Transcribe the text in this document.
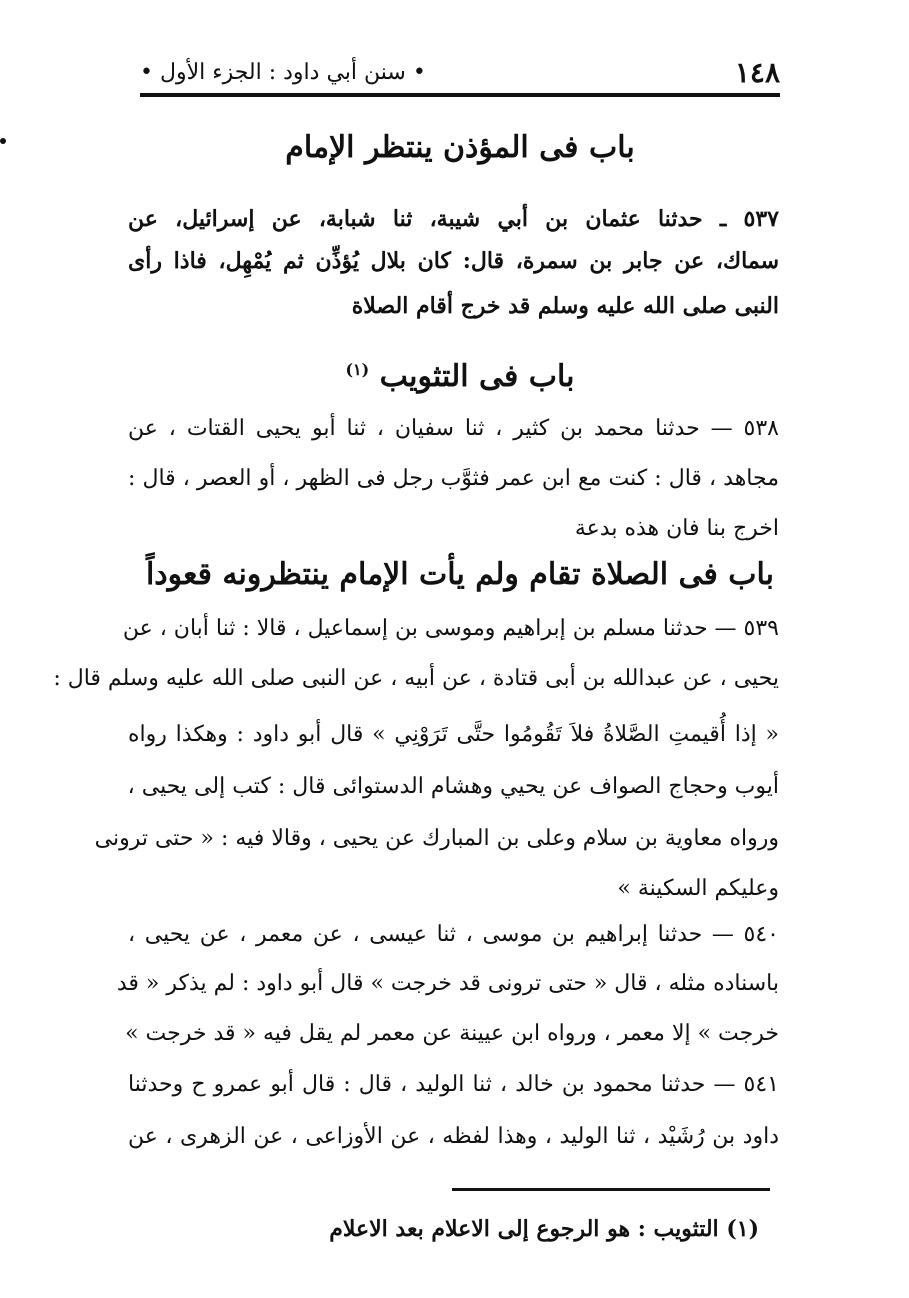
١٤٨
• سنن أبي داود : الجزء الأول •
باب فى المؤذن ينتظر الإمام
٥٣٧ ـ حدثنا عثمان بن أبي شيبة، ثنا شبابة، عن إسرائيل، عن
سماك، عن جابر بن سمرة، قال: كان بلال يُؤذِّن ثم يُمْهِل، فاذا رأى
النبى صلى الله عليه وسلم قد خرج أقام الصلاة
باب فى التثويب $^{(١)}$
٥٣٨ — حدثنا محمد بن كثير ، ثنا سفيان ، ثنا أبو يحيى القتات ، عن
مجاهد ، قال : كنت مع ابن عمر فثوَّب رجل فى الظهر ، أو العصر ، قال :
اخرج بنا فان هذه بدعة
باب فى الصلاة تقام ولم يأت الإمام ينتظرونه قعوداً
٥٣٩ — حدثنا مسلم بن إبراهيم وموسى بن إسماعيل ، قالا : ثنا أبان ، عن
يحيى ، عن عبدالله بن أبى قتادة ، عن أبيه ، عن النبى صلى الله عليه وسلم قال :
« إذا أُقيمتِ الصَّلاةُ فلاَ تَقُومُوا حتَّى تَرَوْنِي » قال أبو داود : وهكذا رواه
أيوب وحجاج الصواف عن يحيي وهشام الدستوائى قال : كتب إلى يحيى ،
ورواه معاوية بن سلام وعلى بن المبارك عن يحيى ، وقالا فيه : « حتى ترونى
وعليكم السكينة »
٥٤٠ — حدثنا إبراهيم بن موسى ، ثنا عيسى ، عن معمر ، عن يحيى ،
باسناده مثله ، قال « حتى ترونى قد خرجت » قال أبو داود : لم يذكر « قد
خرجت » إلا معمر ، ورواه ابن عيينة عن معمر لم يقل فيه « قد خرجت »
٥٤١ — حدثنا محمود بن خالد ، ثنا الوليد ، قال : قال أبو عمرو ح وحدثنا
داود بن رُشَيْد ، ثنا الوليد ، وهذا لفظه ، عن الأوزاعى ، عن الزهرى ، عن
(١) التثويب : هو الرجوع إلى الاعلام بعد الاعلام
